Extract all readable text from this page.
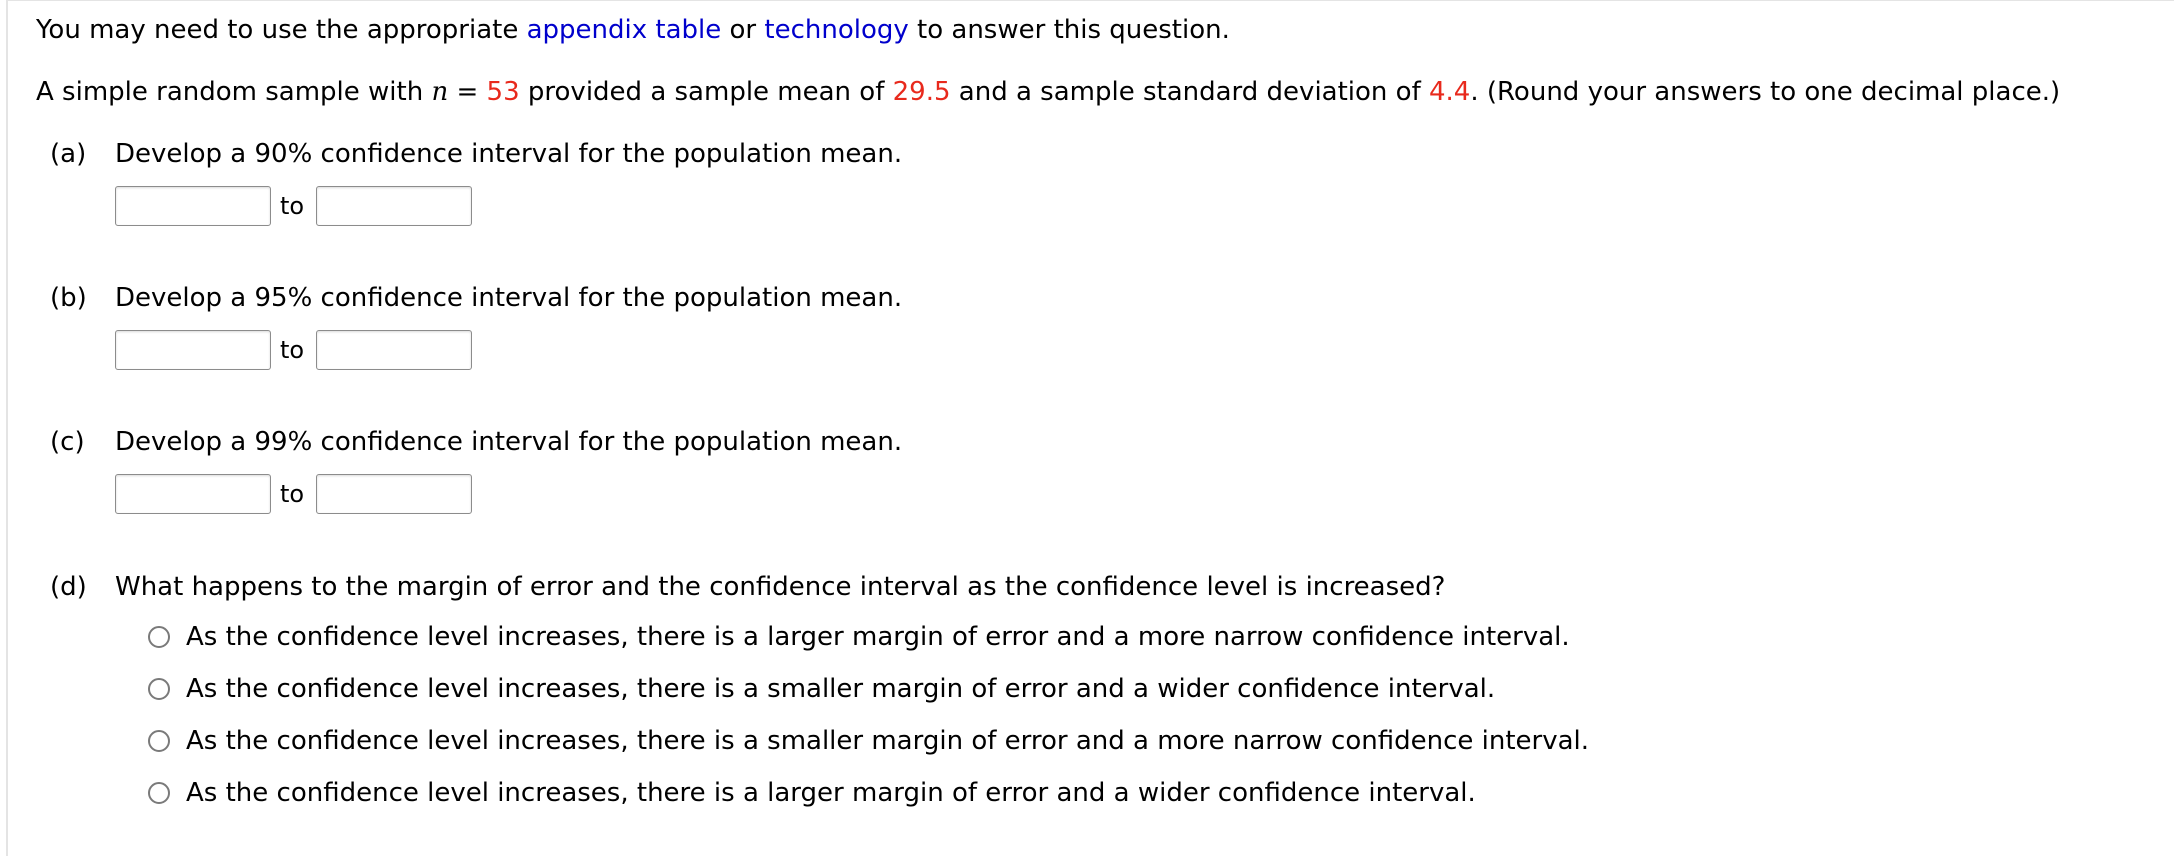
You may need to use the appropriate appendix table or technology to answer this question.
A simple random sample with n = 53 provided a sample mean of 29.5 and a sample standard deviation of 4.4. (Round your answers to one decimal place.)
(a) Develop a 90% confidence interval for the population mean.
to
(b) Develop a 95% confidence interval for the population mean.
to
(c) Develop a 99% confidence interval for the population mean.
to
(d) What happens to the margin of error and the confidence interval as the confidence level is increased?
As the confidence level increases, there is a larger margin of error and a more narrow confidence interval.
As the confidence level increases, there is a smaller margin of error and a wider confidence interval.
As the confidence level increases, there is a smaller margin of error and a more narrow confidence interval.
As the confidence level increases, there is a larger margin of error and a wider confidence interval.
